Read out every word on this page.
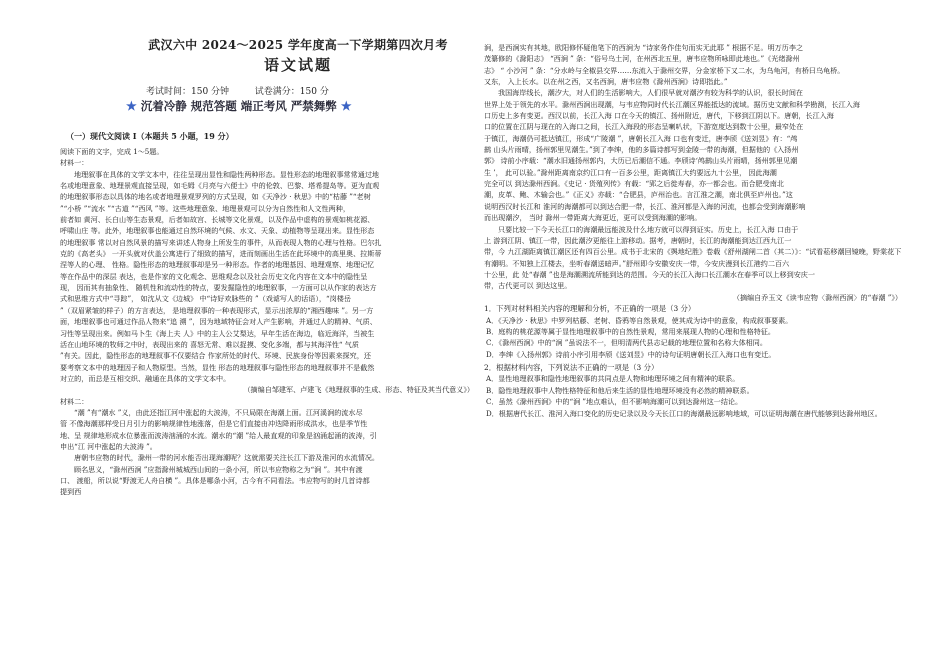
武汉六中 2024～2025 学年度高一下学期第四次月考
语文试题
考试时间：150 分钟	试卷满分：150 分
★ 沉着冷静 规范答题 端正考风 严禁舞弊 ★
（一）现代文阅读 Ⅰ（本题共 5 小题，19 分）
阅读下面的文字，完成 1～5题。
材料一：
地理叙事在具体的文学文本中，往往呈现出显性和隐性两种形态。显性形态的地理叙事常常通过地
名或地理意象、地理景观直接呈现，如毛姆《月亮与六便士》中的伦敦、巴黎、塔希提岛等。更为直观
的地理叙事形态以具体的地名或者地理景观罗列的方式呈现，如《天净沙 · 秋思》中的“枯藤 ”“老树
”“小桥 ”“流水 ”“古道 ”“西风 ”等。这些地理意象、地理景观可以分为自然性和人文性两种，
前者如 黄河、长白山等生态景观，后者如故宫、长城等文化景观，以及作品中虚构的景观如桃花源、
呼啸山庄 等。此外，地理叙事也能通过自然环境的气候、水文、天象、动植物等呈现出来。显性形态
的地理叙事 常以对自然风景的描写来讲述人物身上所发生的事件，从而表现人物的心理与性格。巴尔扎
克的《高老头》 一开头就对伏盖公寓进行了细致的描写，进而刻画出生活在此环境中的高里奥、拉斯蒂
涅等人的心理、 性格。隐性形态的地理叙事却是另一种形态。作者的地理基因、地理观察、地理记忆
等在作品中的深层 表达，也是作家的文化观念、思维观念以及社会历史文化内容在文本中的隐性呈
现， 因而其有抽象性、 随机性和流动性的特点，要发掘隐性的地理叙事，一方面可以从作家的表达方
式和思维方式中“寻踪”， 如沈从文《边城》 中“诗好欢脉些的 ”（戏谑写人的话语），“岗楼岳
”（双眉紧皱的样子）的方言表达， 是地理叙事的一种表现形式，显示出浓厚的“湘西趣味 ”。另一方
面，地理叙事也可通过作品人物来“追 溯 ”，因为地域特征会对人产生影响，并通过人的精神、气质、
习性等呈现出来。例如马卜生《海上夫 人》中的主人公艾梨达，早年生活在海边，临近海洋，当被生
活在山地环境的牧师之中时，表现出来的 喜怒无常、难以捉摸、变化多端，都与其海洋性“ 气质
”有关。因此，隐性形态的地理叙事不仅要结合 作家所处的时代、环境、民族身份等因素来探究，还
要考察文本中的地理因子和人物原型。当然，显性 形态的地理叙事与隐性形态的地理叙事并不是截然
对立的，而总是互相交织、融通在具体的文学文本中。
（摘编自邹建军、卢建飞《地理叙事的生成、形态、特征及其当代意义》）
材料二：
“潮 ”有“潮水 ”义，由此还指江河中涨起的大波涛，不只局限在海潮上面。江河溪涧的流水尽
管 不像海潮那样受日月引力的影响规律性地涨落，但是它们直接由冲迭降雨形成洪水，也是季节性
地、呈 规律地形成水位暴涨而波涛汹涌的水流。潮水的“潮 ”给人最直观的印象是汹涌起涌的波涛，引
申出“江 河中涨起的大波涛 ”。
唐朝韦应物的时代，滁州一带的河水能否出现海潮呢？这就需要关注长江下游及淮河的水流情况。
顾名思义，“滁州西涧 ”应指滁州城城西山间的一条小河，所以韦应物称之为“涧 ”。其中有渡
口、 渡船，所以说“野渡无人舟自横 ”。具体是哪条小河，古今有不同看法。韦应物写的时几首诗都
提到西
涧，是西涧实有其地，欧阳修怀疑他笔下的西涧为 “诗家务作佳句而实无此耶 ” 根据不足。明万历李之
茂纂修的《滁阳志》 “西涧 ” 条：“俗号乌土河，在州西北五里，唐韦应物所咏即此地也。”《光绪滁州
志》 “ 小沙河 ” 条：“分水岭与全椒县交界……东流入于滁州交界，分金家桥下又二水，为乌龟河，有桥曰乌龟桥。
又东， 入上长水。以在州之西，又名西涧，唐韦应物《滁州西涧》诗即指此。”
我国海岸线长，潮汐大，对人们的生活影响大，人们很早就对潮汐有较为科学的认识，很长时间在
世界上处于领先的水平。滁州西涧出现潮，与韦应物同时代长江潮区界能抵达的流域。据历史文献和科学勘测，长江入海
口历史上多有变更。西汉以前，长江入海 口在今天的镇江、扬州附近，唐代，下移到江阴以下。唐朝，长江入海
口的位置在江阴与现在的入海口之间，长江入海段的形态呈喇叭状，下游宽度达到数十公里，最窄处在
于镇江，海潮仍可抵达镇江，形成“广陵潮 ”，唐朝长江入海 口也有变迁，唐李颀《送刘昱》有：“鸬
鹚 山头片雨晴，扬州郭里见潮生。”到了李绅，他的多篇诗都写到金陵一带的海潮，但据他的《入扬州
郭》 诗前小序载：“潮水旧通扬州郭内，大历已后潮信不通。李颀诗‘鸬鹚山头片雨晴，扬州郭里见潮
生 ’， 此可以验。”滁州距离南京约江口有一百多公里，距离镇江大约要远九十公里， 因此海潮
完全可以 到达滁州西涧。《史记 · 货殖列传》有载：“郢之后徙寿春，亦一都会也。而合肥受南北
潮，皮革、鲍、木输会也。”《正义》亦载：“合肥县，庐州治也。言江淮之潮，南北俱至庐州也。”这
说明西汉时长江和 淮河的海潮都可以到达合肥一带，长江、淮河都是入海的河流，也都会受到海潮影响
而出现潮汐， 当时 滁州一带距离大海更近，更可以受到海潮的影响。
只要比较一下今天长江口的海潮最远能波及什么地方就可以得到证实。历史上，长江入海 口由于
上 游到江阴、镇江一带，因此潮汐更能往上游移动。据考，唐朝时，长江的海潮能到达江西九江一
带，今 九江湖距离镇江潮区还有四百公里。成书于北宋的《舆地纪胜》卷载《舒州湖闸二首（其二）》：“试看菘移潮回镜晚，野棠花下
有潮明。不知独上江楼去，坐听春潮送暗声。”舒州即今安徽安庆一带，今安庆漫到长江港约二百六
十公里，此 处“春潮 ”也是海潮溯流所能到达的范围。今天的长江入海口长江潮水在春季可以上移到安庆一
带，古代更可以 到达这里。
（摘编自乔玉文《读韦应物〈滁州西涧〉的“春潮 ”》）
1．下列对材料相关内容的理解和分析，不正确的一项是（3 分）
A．《天净沙 · 秋思》中罗列枯藤、老树、昏鸦等自然景观，使其成为诗中的意象，构成叙事要素。
B．庭构的桃花源等属于显性地理叙事中的自然性景观，常用来展现人物的心理和性格特征。
C．《滁州西涧》中的“涧 ”虽说法不一，但明清两代县志记载的地理位置和名称大体相同。
D．李绅《入扬州郭》诗前小序引用李颀《送刘昱》中的诗句证明唐朝长江入海口也有变迁。
2．根据材料内容，下列说法不正确的一项是（3 分）
A．显性地理叙事和隐性地理叙事的共同点是人物和地理环境之间有精神的联系。
B．隐性地理叙事中人物性格特征和他后来生活的显性地理环境没有必然的精神联系。
C．虽然《滁州西涧》中的“涧 ”地点难认，但不影响海潮可以到达滁州这一结论。
D．根据唐代长江、淮河入海口变化的历史记录以及今天长江口的海潮最远影响地域，可以证明海潮在唐代能够到达滁州地区。
